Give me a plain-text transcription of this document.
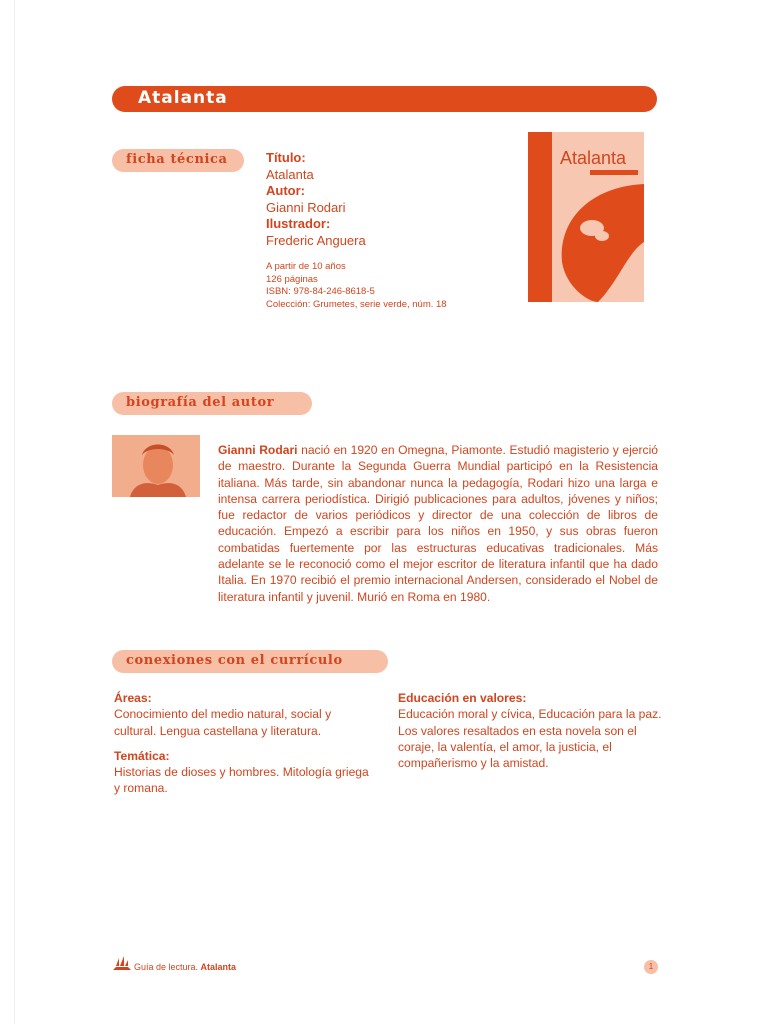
Atalanta
ficha técnica	Título:
Atalanta
Autor:
Gianni Rodari
Ilustrador:
Frederic Anguera
A partir de 10 años
126 páginas
ISBN: 978-84-246-8618-5
Colección: Grumetes, serie verde, núm. 18
Atalanta
biografía del autor
Gianni Rodari nació en 1920 en Omegna, Piamonte. Estudió magisterio y ejerció de maestro. Durante la Segunda Guerra Mundial participó en la Resistencia italiana. Más tarde, sin abandonar nunca la pedagogía, Rodari hizo una larga e intensa carrera periodística. Dirigió publicaciones para adultos, jóvenes y niños; fue redactor de varios periódicos y director de una colección de libros de educación. Empezó a escribir para los niños en 1950, y sus obras fueron combatidas fuertemente por las estructuras educativas tradicionales. Más adelante se le reconoció como el mejor escritor de literatura infantil que ha dado Italia. En 1970 recibió el premio internacional Andersen, considerado el Nobel de literatura infantil y juvenil. Murió en Roma en 1980.
conexiones con el currículo
Áreas:
Conocimiento del medio natural, social y cultural. Lengua castellana y literatura.
Temática:
Historias de dioses y hombres. Mitología griega y romana.
Educación en valores:
Educación moral y cívica, Educación para la paz. Los valores resaltados en esta novela son el coraje, la valentía, el amor, la justicia, el compañerismo y la amistad.
Guía de lectura. Atalanta	1
